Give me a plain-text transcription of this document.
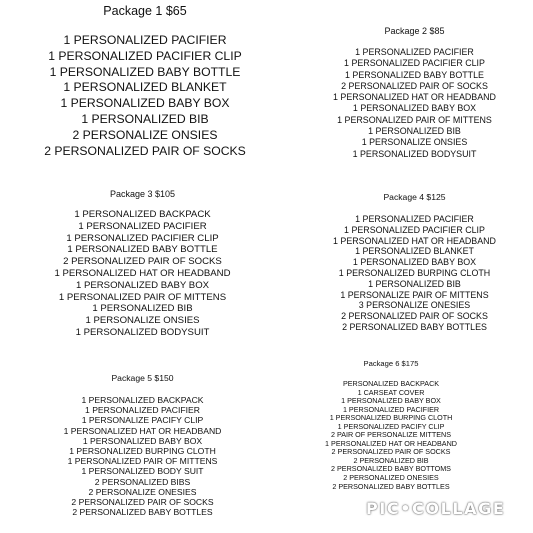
Package 1 $65
1 PERSONALIZED PACIFIER
1 PERSONALIZED PACIFIER CLIP
1 PERSONALIZED BABY BOTTLE
1 PERSONALIZED BLANKET
1 PERSONALIZED BABY BOX
1 PERSONALIZED BIB
2 PERSONALIZE ONSIES
2 PERSONALIZED PAIR OF SOCKS
Package 2 $85
1 PERSONALIZED PACIFIER
1 PERSONALIZED PACIFIER CLIP
1 PERSONALIZED BABY BOTTLE
2 PERSONALIZED PAIR OF SOCKS
1 PERSONALIZED HAT OR HEADBAND
1 PERSONALIZED BABY BOX
1 PERSONALIZED PAIR OF MITTENS
1 PERSONALIZED BIB
1 PERSONALIZE ONSIES
1 PERSONALIZED BODYSUIT
Package 3 $105
1 PERSONALIZED BACKPACK
1 PERSONALIZED PACIFIER
1 PERSONALIZED PACIFIER CLIP
1 PERSONALIZED BABY BOTTLE
2 PERSONALIZED PAIR OF SOCKS
1 PERSONALIZED HAT OR HEADBAND
1 PERSONALIZED BABY BOX
1 PERSONALIZED PAIR OF MITTENS
1 PERSONALIZED BIB
1 PERSONALIZE ONSIES
1 PERSONALIZED BODYSUIT
Package 4 $125
1 PERSONALIZED PACIFIER
1 PERSONALIZED PACIFIER CLIP
1 PERSONALIZED HAT OR HEADBAND
1 PERSONALIZED BLANKET
1 PERSONALIZED BABY BOX
1 PERSONALIZED BURPING CLOTH
1 PERSONALIZED BIB
1 PERSONALIZE PAIR OF MITTENS
3 PERSONALIZE ONESIES
2 PERSONALIZED PAIR OF SOCKS
2 PERSONALIZED BABY BOTTLES
Package 5 $150
1 PERSONALIZED BACKPACK
1 PERSONALIZED PACIFIER
1 PERSONALIZE PACIFY CLIP
1 PERSONALIZED HAT OR HEADBAND
1 PERSONALIZED BABY BOX
1 PERSONALIZED BURPING CLOTH
1 PERSONALIZED PAIR OF MITTENS
1 PERSONALIZED BODY SUIT
2 PERSONALIZED BIBS
2 PERSONALIZE ONESIES
2 PERSONALIZED PAIR OF SOCKS
2 PERSONALIZED BABY BOTTLES
Package 6 $175
PERSONALIZED BACKPACK
1 CARSEAT COVER
1 PERSONALIZED BABY BOX
1 PERSONALIZED PACIFIER
1 PERSONALIZED BURPING CLOTH
1 PERSONALIZED PACIFY CLIP
2 PAIR OF PERSONALIZE MITTENS
1 PERSONALIZED HAT OR HEADBAND
2 PERSONALIZED PAIR OF SOCKS
2 PERSONALIZED BIB
2 PERSONALIZED BABY BOTTOMS
2 PERSONALIZED ONESIES
2 PERSONALIZED BABY BOTTLES
PIC•COLLAGE
